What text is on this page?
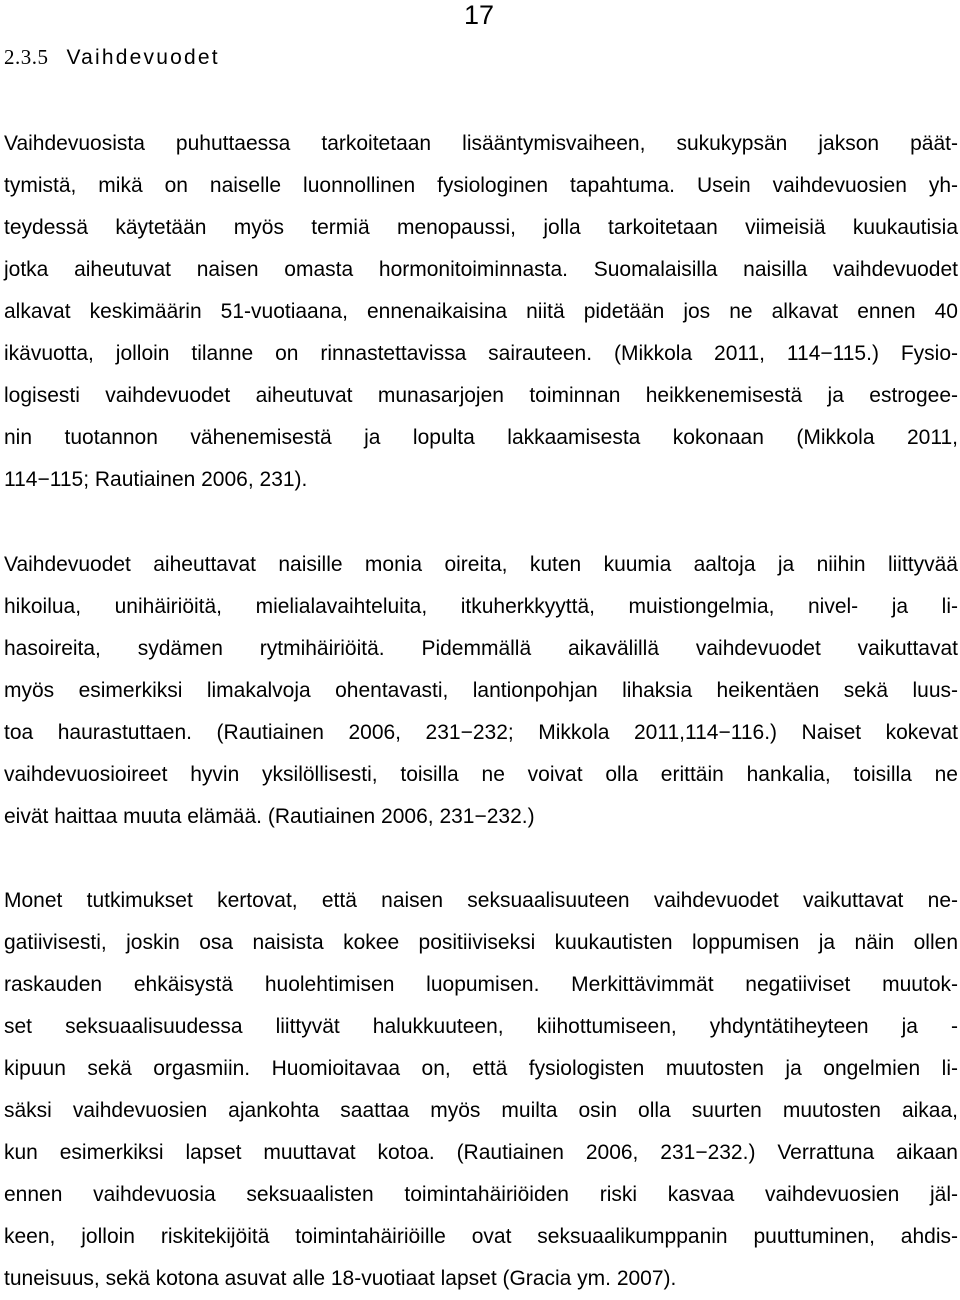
17
2.3.5 Vaihdevuodet
Vaihdevuosista puhuttaessa tarkoitetaan lisääntymisvaiheen, sukukypsän jakson päät-
tymistä, mikä on naiselle luonnollinen fysiologinen tapahtuma. Usein vaihdevuosien yh-
teydessä käytetään myös termiä menopaussi, jolla tarkoitetaan viimeisiä kuukautisia
jotka aiheutuvat naisen omasta hormonitoiminnasta. Suomalaisilla naisilla vaihdevuodet
alkavat keskimäärin 51-vuotiaana, ennenaikaisina niitä pidetään jos ne alkavat ennen 40
ikävuotta, jolloin tilanne on rinnastettavissa sairauteen. (Mikkola 2011, 114−115.) Fysio-
logisesti vaihdevuodet aiheutuvat munasarjojen toiminnan heikkenemisestä ja estrogee-
nin tuotannon vähenemisestä ja lopulta lakkaamisesta kokonaan (Mikkola 2011,
114−115; Rautiainen 2006, 231).
Vaihdevuodet aiheuttavat naisille monia oireita, kuten kuumia aaltoja ja niihin liittyvää
hikoilua, unihäiriöitä, mielialavaihteluita, itkuherkkyyttä, muistiongelmia, nivel- ja li-
hasoireita, sydämen rytmihäiriöitä. Pidemmällä aikavälillä vaihdevuodet vaikuttavat
myös esimerkiksi limakalvoja ohentavasti, lantionpohjan lihaksia heikentäen sekä luus-
toa haurastuttaen. (Rautiainen 2006, 231−232; Mikkola 2011,114−116.) Naiset kokevat
vaihdevuosioireet hyvin yksilöllisesti, toisilla ne voivat olla erittäin hankalia, toisilla ne
eivät haittaa muuta elämää. (Rautiainen 2006, 231−232.)
Monet tutkimukset kertovat, että naisen seksuaalisuuteen vaihdevuodet vaikuttavat ne-
gatiivisesti, joskin osa naisista kokee positiiviseksi kuukautisten loppumisen ja näin ollen
raskauden ehkäisystä huolehtimisen luopumisen. Merkittävimmät negatiiviset muutok-
set seksuaalisuudessa liittyvät halukkuuteen, kiihottumiseen, yhdyntätiheyteen ja -
kipuun sekä orgasmiin. Huomioitavaa on, että fysiologisten muutosten ja ongelmien li-
säksi vaihdevuosien ajankohta saattaa myös muilta osin olla suurten muutosten aikaa,
kun esimerkiksi lapset muuttavat kotoa. (Rautiainen 2006, 231−232.) Verrattuna aikaan
ennen vaihdevuosia seksuaalisten toimintahäiriöiden riski kasvaa vaihdevuosien jäl-
keen, jolloin riskitekijöitä toimintahäiriöille ovat seksuaalikumppanin puuttuminen, ahdis-
tuneisuus, sekä kotona asuvat alle 18-vuotiaat lapset (Gracia ym. 2007).
